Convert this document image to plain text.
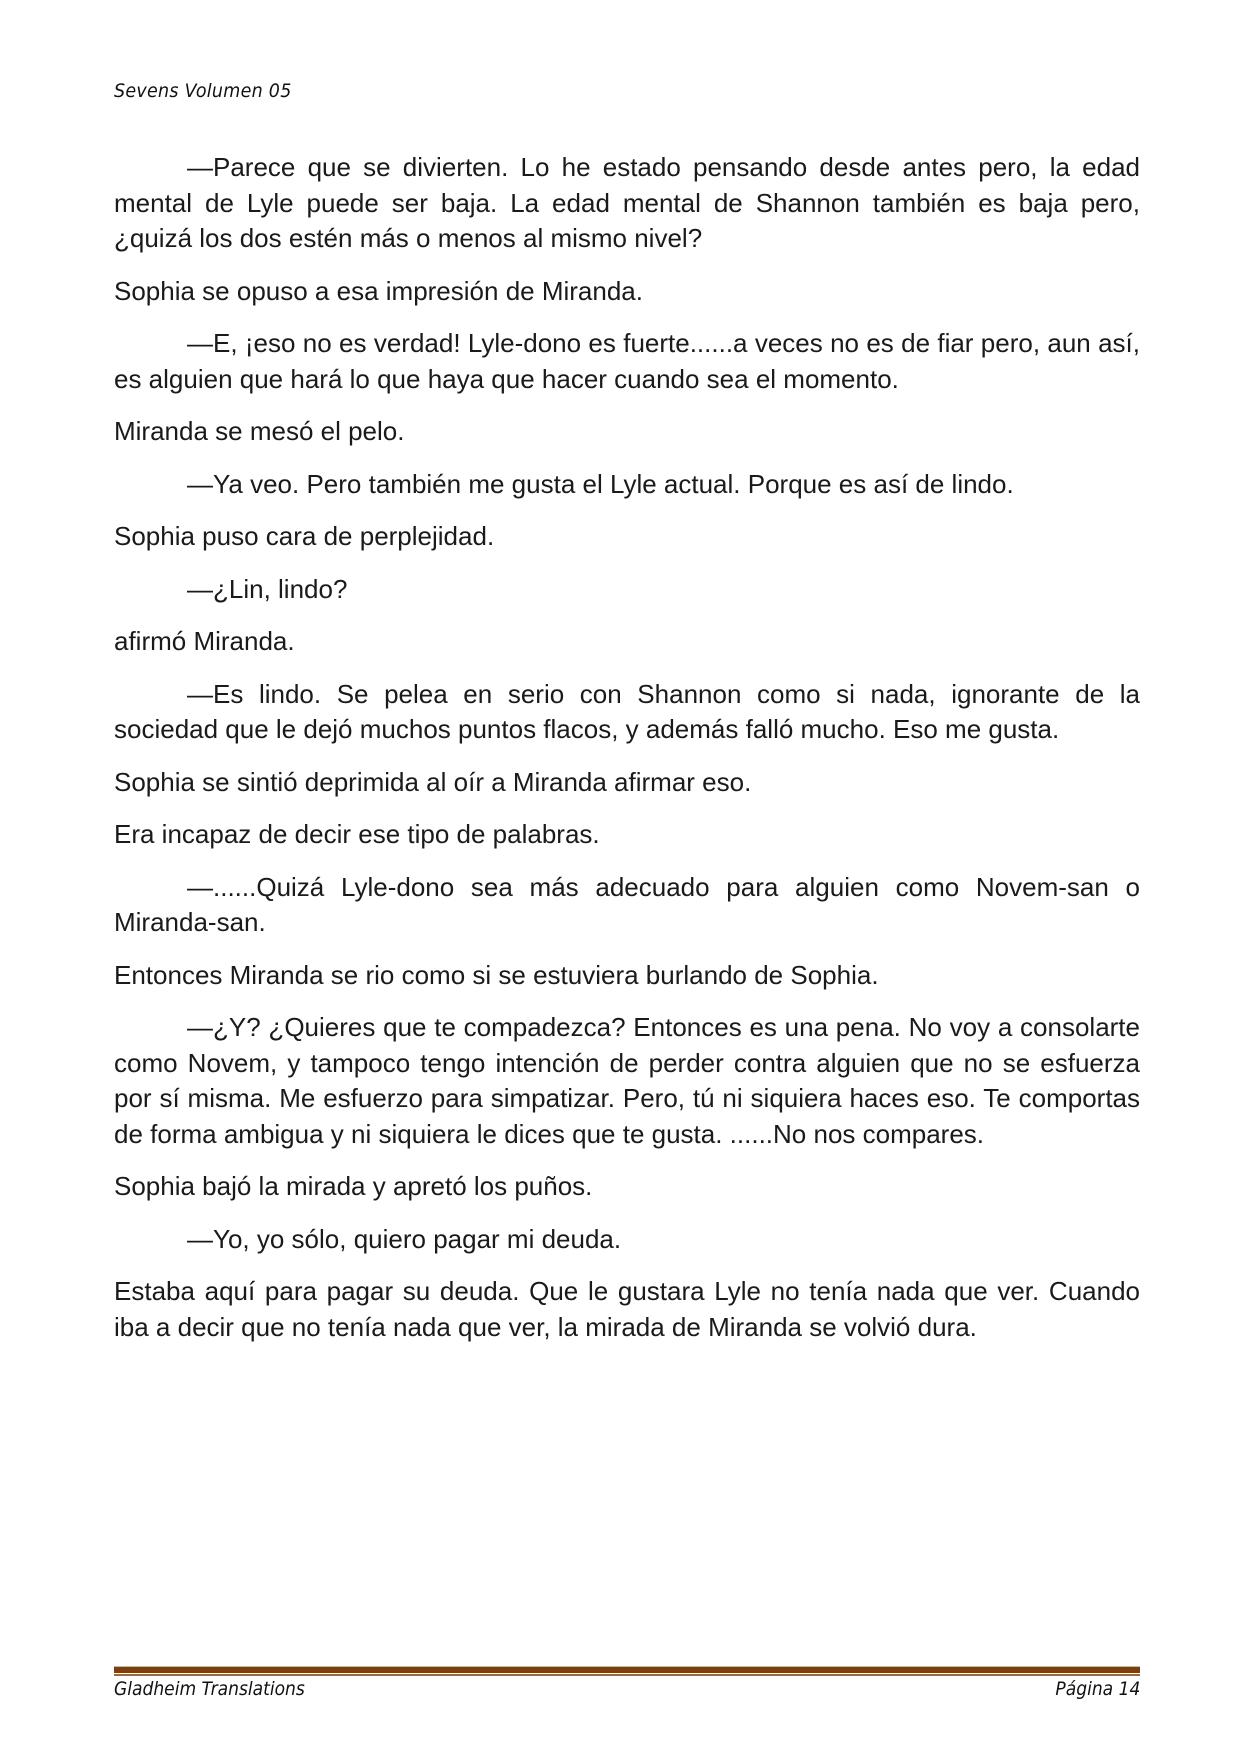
Sevens Volumen 05

—Parece que se divierten. Lo he estado pensando desde antes pero, la edad mental de Lyle puede ser baja. La edad mental de Shannon también es baja pero, ¿quizá los dos estén más o menos al mismo nivel?

Sophia se opuso a esa impresión de Miranda.

—E, ¡eso no es verdad! Lyle-dono es fuerte......a veces no es de fiar pero, aun así, es alguien que hará lo que haya que hacer cuando sea el momento.

Miranda se mesó el pelo.

—Ya veo. Pero también me gusta el Lyle actual. Porque es así de lindo.

Sophia puso cara de perplejidad.

—¿Lin, lindo?

afirmó Miranda.

—Es lindo. Se pelea en serio con Shannon como si nada, ignorante de la sociedad que le dejó muchos puntos flacos, y además falló mucho. Eso me gusta.

Sophia se sintió deprimida al oír a Miranda afirmar eso.

Era incapaz de decir ese tipo de palabras.

—......Quizá Lyle-dono sea más adecuado para alguien como Novem-san o Miranda-san.

Entonces Miranda se rio como si se estuviera burlando de Sophia.

—¿Y? ¿Quieres que te compadezca? Entonces es una pena. No voy a consolarte como Novem, y tampoco tengo intención de perder contra alguien que no se esfuerza por sí misma. Me esfuerzo para simpatizar. Pero, tú ni siquiera haces eso. Te comportas de forma ambigua y ni siquiera le dices que te gusta. ......No nos compares.

Sophia bajó la mirada y apretó los puños.

—Yo, yo sólo, quiero pagar mi deuda.

Estaba aquí para pagar su deuda. Que le gustara Lyle no tenía nada que ver. Cuando iba a decir que no tenía nada que ver, la mirada de Miranda se volvió dura.

Gladheim Translations	Página 14
